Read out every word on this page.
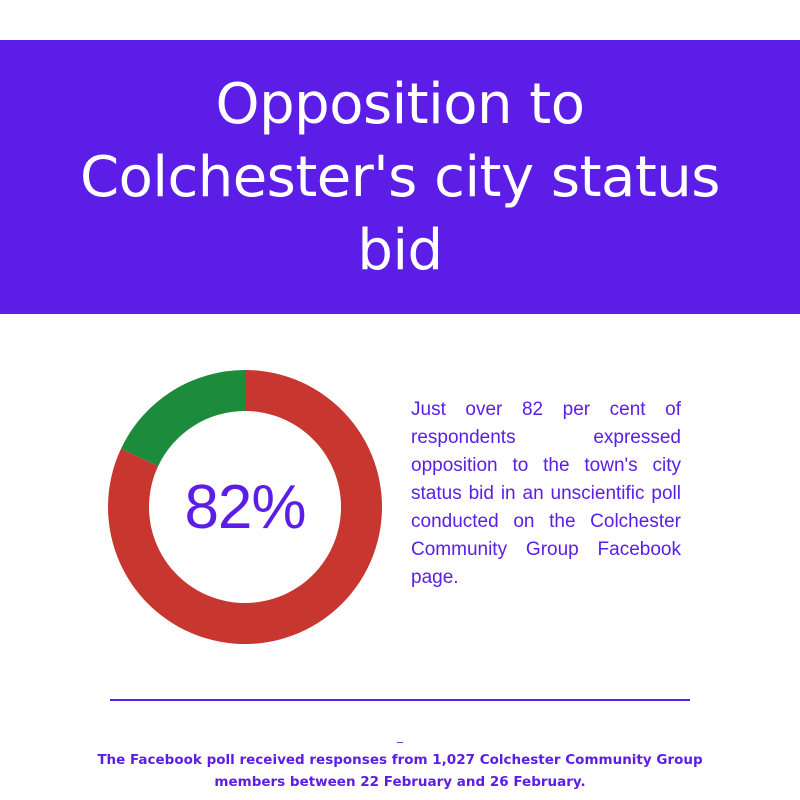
Opposition to Colchester's city status bid
82%

Just over 82 per cent of respondents expressed opposition to the town's city status bid in an unscientific poll conducted on the Colchester Community Group Facebook page.

_

The Facebook poll received responses from 1,027 Colchester Community Group members between 22 February and 26 February.
